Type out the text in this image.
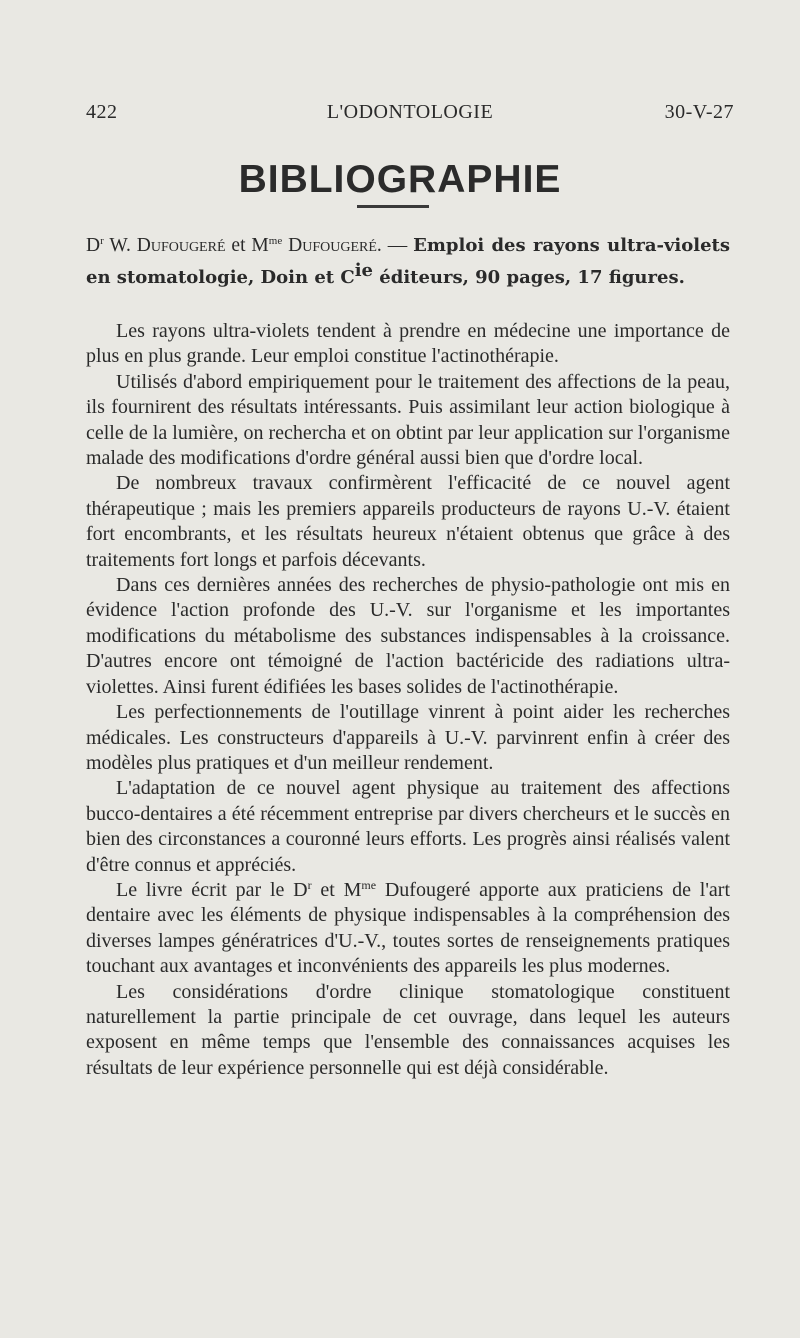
422	L'ODONTOLOGIE	30-V-27
BIBLIOGRAPHIE
$D^r$ W. Dufougeré et $M^{me}$ Dufougeré. — Emploi des rayons ultra-violets en stomatologie, Doin et $C^{ie}$ éditeurs, 90 pages, 17 figures.

Les rayons ultra-violets tendent à prendre en médecine une importance de plus en plus grande. Leur emploi constitue l'actinothérapie.

Utilisés d'abord empiriquement pour le traitement des affections de la peau, ils fournirent des résultats intéressants. Puis assimilant leur action biologique à celle de la lumière, on rechercha et on obtint par leur application sur l'organisme malade des modifications d'ordre général aussi bien que d'ordre local.

De nombreux travaux confirmèrent l'efficacité de ce nouvel agent thérapeutique ; mais les premiers appareils producteurs de rayons U.-V. étaient fort encombrants, et les résultats heureux n'étaient obtenus que grâce à des traitements fort longs et parfois décevants.

Dans ces dernières années des recherches de physio-pathologie ont mis en évidence l'action profonde des U.-V. sur l'organisme et les importantes modifications du métabolisme des substances indispensables à la croissance. D'autres encore ont témoigné de l'action bactéricide des radiations ultra-violettes. Ainsi furent édifiées les bases solides de l'actinothérapie.

Les perfectionnements de l'outillage vinrent à point aider les recherches médicales. Les constructeurs d'appareils à U.-V. parvinrent enfin à créer des modèles plus pratiques et d'un meilleur rendement.

L'adaptation de ce nouvel agent physique au traitement des affections bucco-dentaires a été récemment entreprise par divers chercheurs et le succès en bien des circonstances a couronné leurs efforts. Les progrès ainsi réalisés valent d'être connus et appréciés.

Le livre écrit par le $D^r$ et $M^{me}$ Dufougeré apporte aux praticiens de l'art dentaire avec les éléments de physique indispensables à la compréhension des diverses lampes génératrices d'U.-V., toutes sortes de renseignements pratiques touchant aux avantages et inconvénients des appareils les plus modernes.

Les considérations d'ordre clinique stomatologique constituent naturellement la partie principale de cet ouvrage, dans lequel les auteurs exposent en même temps que l'ensemble des connaissances acquises les résultats de leur expérience personnelle qui est déjà considérable.
